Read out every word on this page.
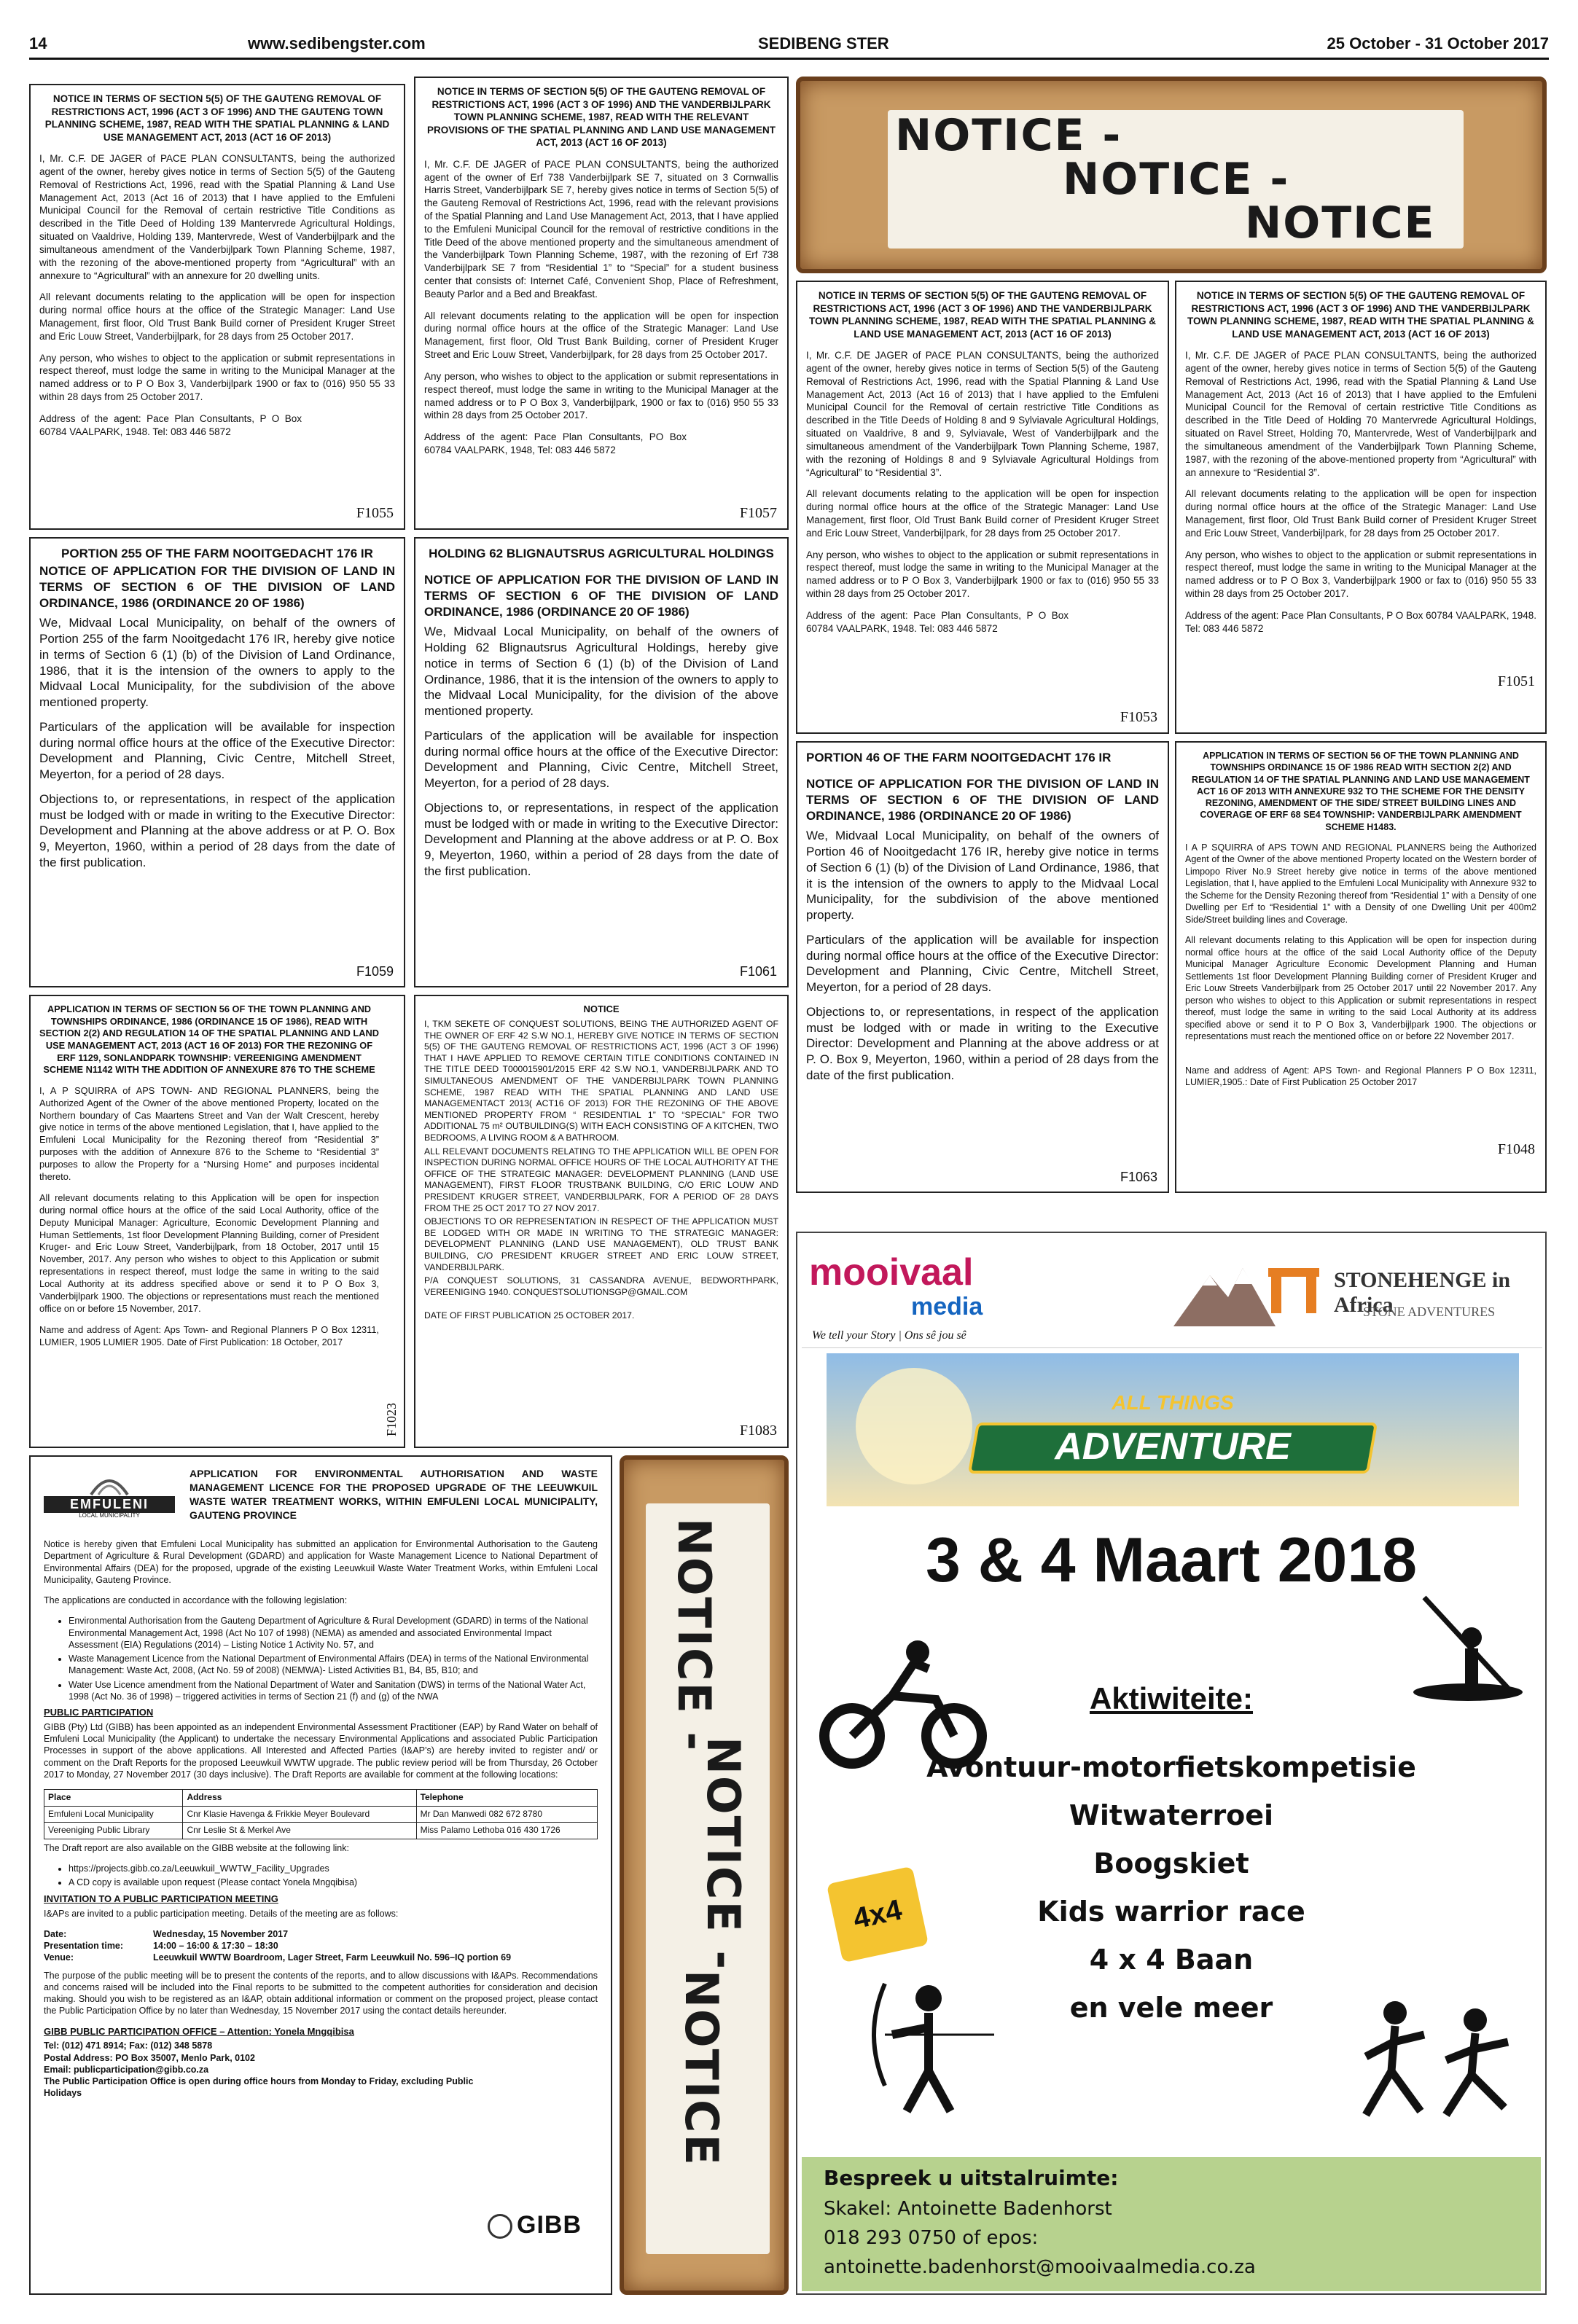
14	www.sedibengster.com	SEDIBENG STER	25 October - 31 October 2017
NOTICE IN TERMS OF SECTION 5(5) OF THE GAUTENG REMOVAL OF RESTRICTIONS ACT, 1996 (ACT 3 OF 1996) AND THE GAUTENG TOWN PLANNING SCHEME, 1987, READ WITH THE SPATIAL PLANNING & LAND USE MANAGEMENT ACT, 2013 (ACT 16 OF 2013)

I, Mr. C.F. DE JAGER of PACE PLAN CONSULTANTS, being the authorized agent of the owner, hereby gives notice in terms of Section 5(5) of the Gauteng Removal of Restrictions Act, 1996, read with the Spatial Planning & Land Use Management Act, 2013 (Act 16 of 2013) that I have applied to the Emfuleni Municipal Council for the Removal of certain restrictive Title Conditions as described in the Title Deed of Holding 139 Mantervrede Agricultural Holdings, situated on Vaaldrive, Holding 139, Mantervrede, West of Vanderbijlpark and the simultaneous amendment of the Vanderbijlpark Town Planning Scheme, 1987, with the rezoning of the above-mentioned property from “Agricultural” with an annexure to “Agricultural” with an annexure for 20 dwelling units.

All relevant documents relating to the application will be open for inspection during normal office hours at the office of the Strategic Manager: Land Use Management, first floor, Old Trust Bank Build corner of President Kruger Street and Eric Louw Street, Vanderbijlpark, for 28 days from 25 October 2017.

Any person, who wishes to object to the application or submit representations in respect thereof, must lodge the same in writing to the Municipal Manager at the named address or to P O Box 3, Vanderbijlpark 1900 or fax to (016) 950 55 33 within 28 days from 25 October 2017.

Address of the agent: Pace Plan Consultants, P O Box 60784 VAALPARK, 1948. Tel: 083 446 5872

F1055
NOTICE IN TERMS OF SECTION 5(5) OF THE GAUTENG REMOVAL OF RESTRICTIONS ACT, 1996 (ACT 3 OF 1996) AND THE VANDERBIJLPARK TOWN PLANNING SCHEME, 1987, READ WITH THE RELEVANT PROVISIONS OF THE SPATIAL PLANNING AND LAND USE MANAGEMENT ACT, 2013 (ACT 16 OF 2013)

I, Mr. C.F. DE JAGER of PACE PLAN CONSULTANTS, being the authorized agent of the owner of Erf 738 Vanderbijlpark SE 7, situated on 3 Cornwallis Harris Street, Vanderbijlpark SE 7, hereby gives notice in terms of Section 5(5) of the Gauteng Removal of Restrictions Act, 1996, read with the relevant provisions of the Spatial Planning and Land Use Management Act, 2013, that I have applied to the Emfuleni Municipal Council for the removal of restrictive conditions in the Title Deed of the above mentioned property and the simultaneous amendment of the Vanderbijlpark Town Planning Scheme, 1987, with the rezoning of Erf 738 Vanderbijlpark SE 7 from “Residential 1” to “Special” for a student business center that consists of: Internet Café, Convenient Shop, Place of Refreshment, Beauty Parlor and a Bed and Breakfast.

All relevant documents relating to the application will be open for inspection during normal office hours at the office of the Strategic Manager: Land Use Management, first floor, Old Trust Bank Building, corner of President Kruger Street and Eric Louw Street, Vanderbijlpark, for 28 days from 25 October 2017.

Any person, who wishes to object to the application or submit representations in respect thereof, must lodge the same in writing to the Municipal Manager at the named address or to P O Box 3, Vanderbijlpark, 1900 or fax to (016) 950 55 33 within 28 days from 25 October 2017.

Address of the agent: Pace Plan Consultants, PO Box 60784 VAALPARK, 1948, Tel: 083 446 5872

F1057
NOTICE -
NOTICE -
NOTICE
NOTICE IN TERMS OF SECTION 5(5) OF THE GAUTENG REMOVAL OF RESTRICTIONS ACT, 1996 (ACT 3 OF 1996) AND THE VANDERBIJLPARK TOWN PLANNING SCHEME, 1987, READ WITH THE SPATIAL PLANNING & LAND USE MANAGEMENT ACT, 2013 (ACT 16 OF 2013)

I, Mr. C.F. DE JAGER of PACE PLAN CONSULTANTS, being the authorized agent of the owner, hereby gives notice in terms of Section 5(5) of the Gauteng Removal of Restrictions Act, 1996, read with the Spatial Planning & Land Use Management Act, 2013 (Act 16 of 2013) that I have applied to the Emfuleni Municipal Council for the Removal of certain restrictive Title Conditions as described in the Title Deeds of Holding 8 and 9 Sylviavale Agricultural Holdings, situated on Vaaldrive, 8 and 9, Sylviavale, West of Vanderbijlpark and the simultaneous amendment of the Vanderbijlpark Town Planning Scheme, 1987, with the rezoning of Holdings 8 and 9 Sylviavale Agricultural Holdings from “Agricultural” to “Residential 3”.

All relevant documents relating to the application will be open for inspection during normal office hours at the office of the Strategic Manager: Land Use Management, first floor, Old Trust Bank Build corner of President Kruger Street and Eric Louw Street, Vanderbijlpark, for 28 days from 25 October 2017.

Any person, who wishes to object to the application or submit representations in respect thereof, must lodge the same in writing to the Municipal Manager at the named address or to P O Box 3, Vanderbijlpark 1900 or fax to (016) 950 55 33 within 28 days from 25 October 2017.

Address of the agent: Pace Plan Consultants, P O Box 60784 VAALPARK, 1948. Tel: 083 446 5872

F1053
NOTICE IN TERMS OF SECTION 5(5) OF THE GAUTENG REMOVAL OF RESTRICTIONS ACT, 1996 (ACT 3 OF 1996) AND THE VANDERBIJLPARK TOWN PLANNING SCHEME, 1987, READ WITH THE SPATIAL PLANNING & LAND USE MANAGEMENT ACT, 2013 (ACT 16 OF 2013)

I, Mr. C.F. DE JAGER of PACE PLAN CONSULTANTS, being the authorized agent of the owner, hereby gives notice in terms of Section 5(5) of the Gauteng Removal of Restrictions Act, 1996, read with the Spatial Planning & Land Use Management Act, 2013 (Act 16 of 2013) that I have applied to the Emfuleni Municipal Council for the Removal of certain restrictive Title Conditions as described in the Title Deed of Holding 70 Mantervrede Agricultural Holdings, situated on Ravel Street, Holding 70, Mantervrede, West of Vanderbijlpark and the simultaneous amendment of the Vanderbijlpark Town Planning Scheme, 1987, with the rezoning of the above-mentioned property from “Agricultural” with an annexure to “Residential 3”.

All relevant documents relating to the application will be open for inspection during normal office hours at the office of the Strategic Manager: Land Use Management, first floor, Old Trust Bank Build corner of President Kruger Street and Eric Louw Street, Vanderbijlpark, for 28 days from 25 October 2017.

Any person, who wishes to object to the application or submit representations in respect thereof, must lodge the same in writing to the Municipal Manager at the named address or to P O Box 3, Vanderbijlpark 1900 or fax to (016) 950 55 33 within 28 days from 25 October 2017.

Address of the agent: Pace Plan Consultants, P O Box 60784 VAALPARK, 1948. Tel: 083 446 5872

F1051
PORTION 255 OF THE FARM NOOITGEDACHT 176 IR

NOTICE OF APPLICATION FOR THE DIVISION OF LAND IN TERMS OF SECTION 6 OF THE DIVISION OF LAND ORDINANCE, 1986 (ORDINANCE 20 OF 1986)

We, Midvaal Local Municipality, on behalf of the owners of Portion 255 of the farm Nooitgedacht 176 IR, hereby give notice in terms of Section 6 (1) (b) of the Division of Land Ordinance, 1986, that it is the intension of the owners to apply to the Midvaal Local Municipality, for the subdivision of the above mentioned property.

Particulars of the application will be available for inspection during normal office hours at the office of the Executive Director: Development and Planning, Civic Centre, Mitchell Street, Meyerton, for a period of 28 days.

Objections to, or representations, in respect of the application must be lodged with or made in writing to the Executive Director: Development and Planning at the above address or at P. O. Box 9, Meyerton, 1960, within a period of 28 days from the date of the first publication.

F1059
HOLDING 62 BLIGNAUTSRUS AGRICULTURAL HOLDINGS

NOTICE OF APPLICATION FOR THE DIVISION OF LAND IN TERMS OF SECTION 6 OF THE DIVISION OF LAND ORDINANCE, 1986 (ORDINANCE 20 OF 1986)

We, Midvaal Local Municipality, on behalf of the owners of Holding 62 Blignautsrus Agricultural Holdings, hereby give notice in terms of Section 6 (1) (b) of the Division of Land Ordinance, 1986, that it is the intension of the owners to apply to the Midvaal Local Municipality, for the division of the above mentioned property.

Particulars of the application will be available for inspection during normal office hours at the office of the Executive Director: Development and Planning, Civic Centre, Mitchell Street, Meyerton, for a period of 28 days.

Objections to, or representations, in respect of the application must be lodged with or made in writing to the Executive Director: Development and Planning at the above address or at P. O. Box 9, Meyerton, 1960, within a period of 28 days from the date of the first publication.

F1061
PORTION 46 OF THE FARM NOOITGEDACHT 176 IR

NOTICE OF APPLICATION FOR THE DIVISION OF LAND IN TERMS OF SECTION 6 OF THE DIVISION OF LAND ORDINANCE, 1986 (ORDINANCE 20 OF 1986)

We, Midvaal Local Municipality, on behalf of the owners of Portion 46 of Nooitgedacht 176 IR, hereby give notice in terms of Section 6 (1) (b) of the Division of Land Ordinance, 1986, that it is the intension of the owners to apply to the Midvaal Local Municipality, for the subdivision of the above mentioned property.

Particulars of the application will be available for inspection during normal office hours at the office of the Executive Director: Development and Planning, Civic Centre, Mitchell Street, Meyerton, for a period of 28 days.

Objections to, or representations, in respect of the application must be lodged with or made in writing to the Executive Director: Development and Planning at the above address or at P. O. Box 9, Meyerton, 1960, within a period of 28 days from the date of the first publication.

F1063
APPLICATION IN TERMS OF SECTION 56 OF THE TOWN PLANNING AND TOWNSHIPS ORDINANCE 15 OF 1986 READ WITH SECTION 2(2) AND REGULATION 14 OF THE SPATIAL PLANNING AND LAND USE MANAGEMENT ACT 16 OF 2013 WITH ANNEXURE 932 TO THE SCHEME FOR THE DENSITY REZONING, AMENDMENT OF THE SIDE/ STREET BUILDING LINES AND COVERAGE OF ERF 68 SE4 TOWNSHIP: VANDERBIJLPARK AMENDMENT SCHEME H1483.

I A P SQUIRRA of APS TOWN AND REGIONAL PLANNERS being the Authorized Agent of the Owner of the above mentioned Property located on the Western border of Limpopo River No.9 Street hereby give notice in terms of the above mentioned Legislation, that I, have applied to the Emfuleni Local Municipality with Annexure 932 to the Scheme for the Density Rezoning thereof from “Residential 1” with a Density of one Dwelling per Erf to “Residential 1” with a Density of one Dwelling Unit per 400m2 Side/Street building lines and Coverage.

All relevant documents relating to this Application will be open for inspection during normal office hours at the office of the said Local Authority office of the Deputy Municipal Manager Agriculture Economic Development Planning and Human Settlements 1st floor Development Planning Building corner of President Kruger and Eric Louw Streets Vanderbijlpark from 25 October 2017 until 22 November 2017. Any person who wishes to object to this Application or submit representations in respect thereof, must lodge the same in writing to the said Local Authority at its address specified above or send it to P O Box 3, Vanderbijlpark 1900. The objections or representations must reach the mentioned office on or before 22 November 2017.

Name and address of Agent: APS Town- and Regional Planners P O Box 12311, LUMIER,1905.: Date of First Publication 25 October 2017

F1048
APPLICATION IN TERMS OF SECTION 56 OF THE TOWN PLANNING AND TOWNSHIPS ORDINANCE, 1986 (ORDINANCE 15 OF 1986), READ WITH SECTION 2(2) AND REGULATION 14 OF THE SPATIAL PLANNING AND LAND USE MANAGEMENT ACT, 2013 (ACT 16 OF 2013) FOR THE REZONING OF ERF 1129, SONLANDPARK TOWNSHIP: VEREENIGING AMENDMENT SCHEME N1142 WITH THE ADDITION OF ANNEXURE 876 TO THE SCHEME

I, A P SQUIRRA of APS TOWN- AND REGIONAL PLANNERS, being the Authorized Agent of the Owner of the above mentioned Property, located on the Northern boundary of Cas Maartens Street and Van der Walt Crescent, hereby give notice in terms of the above mentioned Legislation, that I, have applied to the Emfuleni Local Municipality for the Rezoning thereof from “Residential 3” purposes with the addition of Annexure 876 to the Scheme to “Residential 3” purposes to allow the Property for a “Nursing Home” and purposes incidental thereto.

All relevant documents relating to this Application will be open for inspection during normal office hours at the office of the said Local Authority, office of the Deputy Municipal Manager: Agriculture, Economic Development Planning and Human Settlements, 1st floor Development Planning Building, corner of President Kruger- and Eric Louw Street, Vanderbijlpark, from 18 October, 2017 until 15 November, 2017. Any person who wishes to object to this Application or submit representations in respect thereof, must lodge the same in writing to the said Local Authority at its address specified above or send it to P O Box 3, Vanderbijlpark 1900. The objections or representations must reach the mentioned office on or before 15 November, 2017.

Name and address of Agent: Aps Town- and Regional Planners P O Box 12311, LUMIER, 1905 LUMIER 1905. Date of First Publication: 18 October, 2017

F1023
NOTICE

I, TKM SEKETE OF CONQUEST SOLUTIONS, BEING THE AUTHORIZED AGENT OF THE OWNER OF ERF 42 S.W NO.1, HEREBY GIVE NOTICE IN TERMS OF SECTION 5(5) OF THE GAUTENG REMOVAL OF RESTRICTIONS ACT, 1996 (ACT 3 OF 1996) THAT I HAVE APPLIED TO REMOVE CERTAIN TITLE CONDITIONS CONTAINED IN THE TITLE DEED T000015901/2015 ERF 42 S.W NO.1, VANDERBIJLPARK AND TO SIMULTANEOUS AMENDMENT OF THE VANDERBIJLPARK TOWN PLANNING SCHEME, 1987 READ WITH THE SPATIAL PLANNING AND LAND USE MANAGEMENTACT 2013( ACT16 OF 2013) FOR THE REZONING OF THE ABOVE MENTIONED PROPERTY FROM “ RESIDENTIAL 1” TO “SPECIAL” FOR TWO ADDITIONAL 75 m² OUTBUILDING(S) WITH EACH CONSISTING OF A KITCHEN, TWO BEDROOMS, A LIVING ROOM & A BATHROOM.

ALL RELEVANT DOCUMENTS RELATING TO THE APPLICATION WILL BE OPEN FOR INSPECTION DURING NORMAL OFFICE HOURS OF THE LOCAL AUTHORITY AT THE OFFICE OF THE STRATEGIC MANAGER: DEVELOPMENT PLANNING (LAND USE MANAGEMENT), FIRST FLOOR TRUSTBANK BUILDING, C/O ERIC LOUW AND PRESIDENT KRUGER STREET, VANDERBIJLPARK, FOR A PERIOD OF 28 DAYS FROM THE 25 OCT 2017 TO 27 NOV 2017.

OBJECTIONS TO OR REPRESENTATION IN RESPECT OF THE APPLICATION MUST BE LODGED WITH OR MADE IN WRITING TO THE STRATEGIC MANAGER: DEVELOPMENT PLANNING (LAND USE MANAGEMENT), OLD TRUST BANK BUILDING, C/O PRESIDENT KRUGER STREET AND ERIC LOUW STREET, VANDERBIJLPARK.

P/A CONQUEST SOLUTIONS, 31 CASSANDRA AVENUE, BEDWORTHPARK, VEREENIGING 1940. CONQUESTSOLUTIONSGP@GMAIL.COM

DATE OF FIRST PUBLICATION 25 OCTOBER 2017.

F1083
EMFULENI
LOCAL MUNICIPALITY
APPLICATION FOR ENVIRONMENTAL AUTHORISATION AND WASTE MANAGEMENT LICENCE FOR THE PROPOSED UPGRADE OF THE LEEUWKUIL WASTE WATER TREATMENT WORKS, WITHIN EMFULENI LOCAL MUNICIPALITY, GAUTENG PROVINCE

Notice is hereby given that Emfuleni Local Municipality has submitted an application for Environmental Authorisation to the Gauteng Department of Agriculture & Rural Development (GDARD) and application for Waste Management Licence to National Department of Environmental Affairs (DEA) for the proposed, upgrade of the existing Leeuwkuil Waste Water Treatment Works, within Emfuleni Local Municipality, Gauteng Province.

The applications are conducted in accordance with the following legislation:

• Environmental Authorisation from the Gauteng Department of Agriculture & Rural Development (GDARD) in terms of the National Environmental Management Act, 1998 (Act No 107 of 1998) (NEMA) as amended and associated Environmental Impact Assessment (EIA) Regulations (2014) – Listing Notice 1 Activity No. 57, and
• Waste Management Licence from the National Department of Environmental Affairs (DEA) in terms of the National Environmental Management: Waste Act, 2008, (Act No. 59 of 2008) (NEMWA)- Listed Activities B1, B4, B5, B10; and
• Water Use Licence amendment from the National Department of Water and Sanitation (DWS) in terms of the National Water Act, 1998 (Act No. 36 of 1998) – triggered activities in terms of Section 21 (f) and (g) of the NWA
PUBLIC PARTICIPATION

GIBB (Pty) Ltd (GIBB) has been appointed as an independent Environmental Assessment Practitioner (EAP) by Rand Water on behalf of Emfuleni Local Municipality (the Applicant) to undertake the necessary Environmental Applications and associated Public Participation Processes in support of the above applications. All Interested and Affected Parties (I&AP’s) are hereby invited to register and/ or comment on the Draft Reports for the proposed Leeuwkuil WWTW upgrade. The public review period will be from Thursday, 26 October 2017 to Monday, 27 November 2017 (30 days inclusive). The Draft Reports are available for comment at the following locations:

Place	Address	Telephone
Emfuleni Local Municipality	Cnr Klasie Havenga & Frikkie Meyer Boulevard	Mr Dan Manwedi 082 672 8780
Vereeniging Public Library	Cnr Leslie St & Merkel Ave	Miss Palamo Lethoba 016 430 1726

The Draft report are also available on the GIBB website at the following link:

• https://projects.gibb.co.za/Leeuwkuil_WWTW_Facility_Upgrades
• A CD copy is available upon request (Please contact Yonela Mngqibisa)
INVITATION TO A PUBLIC PARTICIPATION MEETING

I&APs are invited to a public participation meeting. Details of the meeting are as follows:

Date:	Wednesday, 15 November 2017
Presentation time:	14:00 – 16:00 & 17:30 – 18:30
Venue:	Leeuwkuil WWTW Boardroom, Lager Street, Farm Leeuwkuil No. 596–IQ portion 69

The purpose of the public meeting will be to present the contents of the reports, and to allow discussions with I&APs. Recommendations and concerns raised will be included into the Final reports to be submitted to the competent authorities for consideration and decision making. Should you wish to be registered as an I&AP, obtain additional information or comment on the proposed project, please contact the Public Participation Office by no later than Wednesday, 15 November 2017 using the contact details hereunder.

GIBB PUBLIC PARTICIPATION OFFICE – Attention: Yonela Mngqibisa
Tel: (012) 471 8914; Fax: (012) 348 5878
Postal Address: PO Box 35007, Menlo Park, 0102
Email: publicparticipation@gibb.co.za
The Public Participation Office is open during office hours from Monday to Friday, excluding Public Holidays
GIBB
NOTICE -
NOTICE -
NOTICE
mooivaal
media
We tell your Story | Ons sê jou sê
STONEHENGE in Africa
STONE ADVENTURES
ALL THINGS
ADVENTURE
3 & 4 Maart 2018
Aktiwiteite:
Avontuur-motorfietskompetisie
Witwaterroei
Boogskiet
Kids warrior race
4 x 4 Baan
en vele meer
4x4
Bespreek u uitstalruimte:
Skakel: Antoinette Badenhorst
018 293 0750 of epos:
antoinette.badenhorst@mooivaalmedia.co.za
